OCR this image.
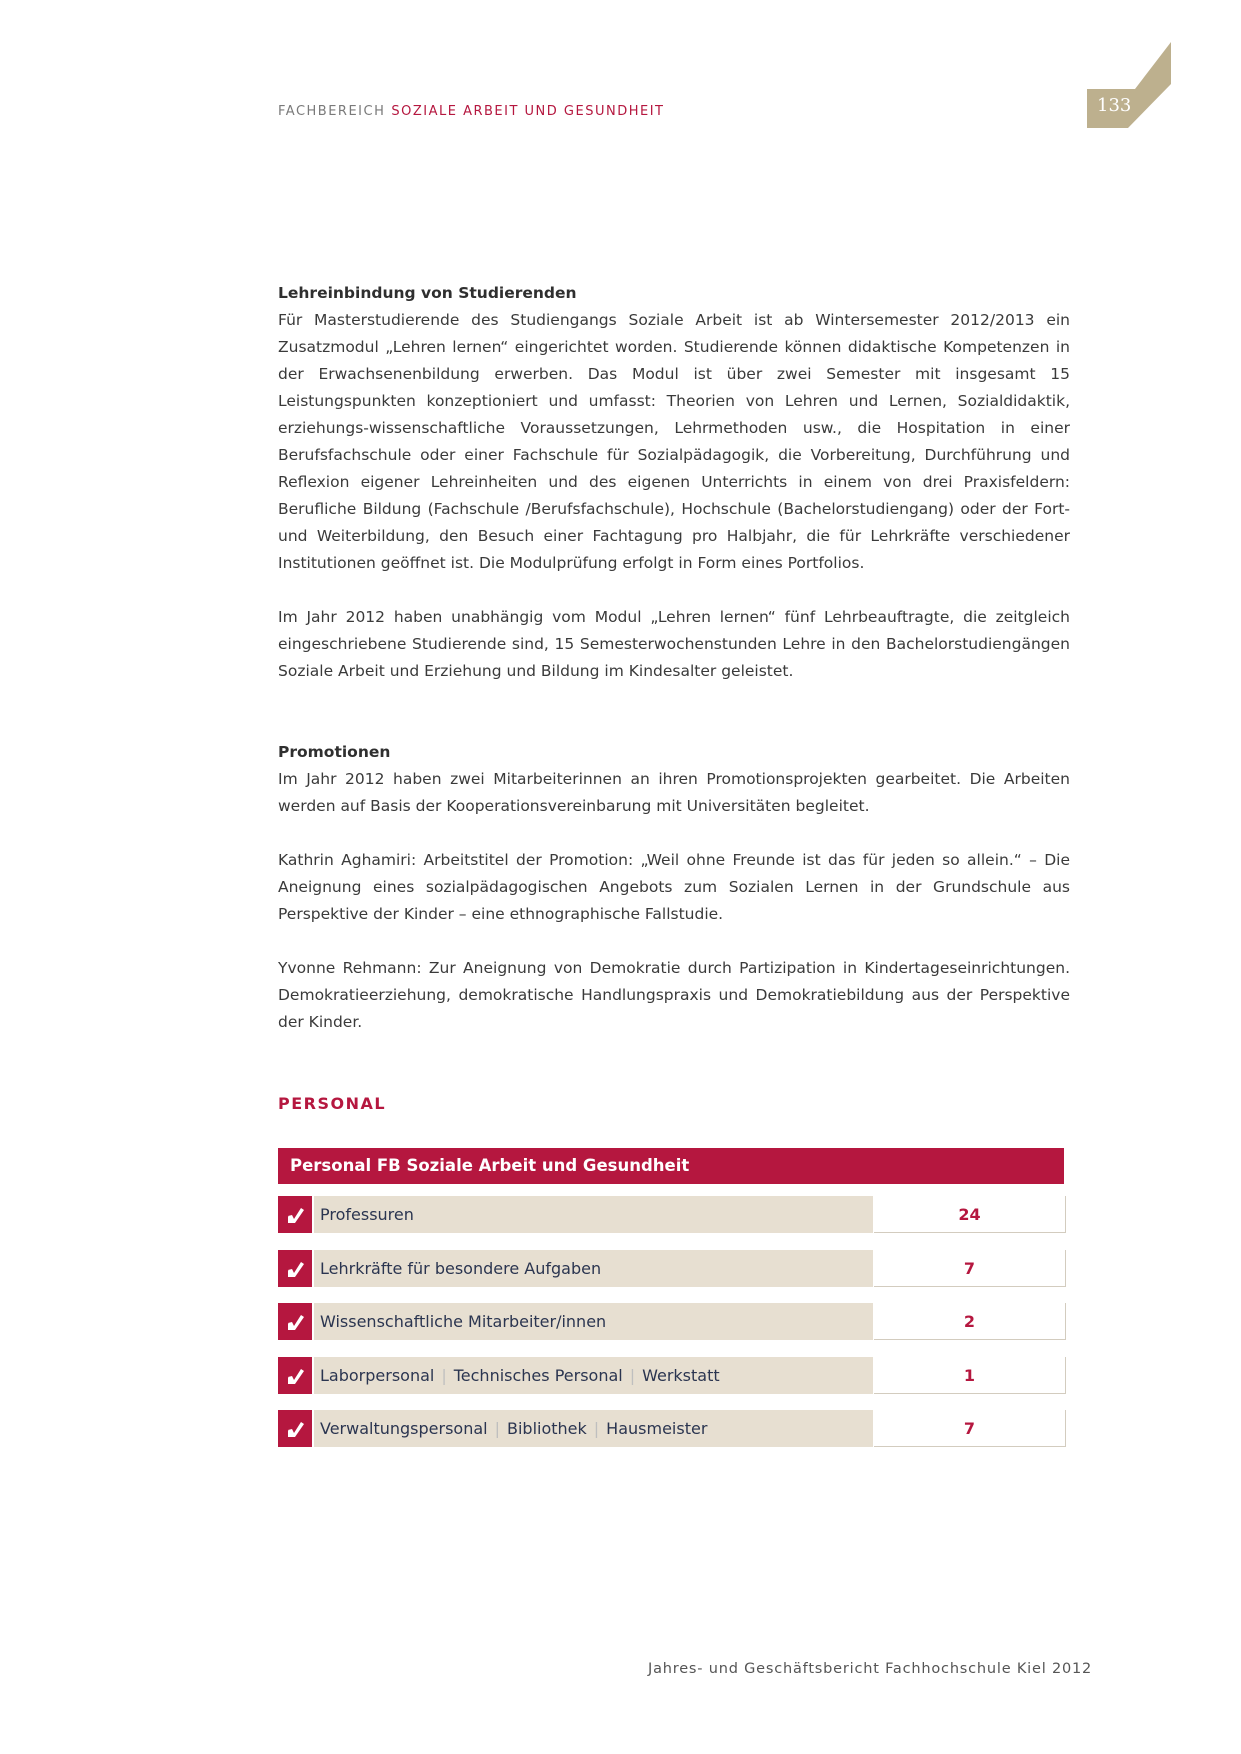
FACHBEREICH SOZIALE ARBEIT UND GESUNDHEIT	133
Lehreinbindung von Studierenden

Für Masterstudierende des Studiengangs Soziale Arbeit ist ab Wintersemester 2012/2013 ein Zusatzmodul „Lehren lernen“ eingerichtet worden. Studierende können didaktische Kompetenzen in der Erwachsenenbildung erwerben. Das Modul ist über zwei Semester mit insgesamt 15 Leistungspunkten konzeptioniert und umfasst: Theorien von Lehren und Lernen, Sozialdidaktik, erziehungs-wissenschaftliche Voraussetzungen, Lehrmethoden usw., die Hospitation in einer Berufsfachschule oder einer Fachschule für Sozialpädagogik, die Vorbereitung, Durchführung und Reflexion eigener Lehreinheiten und des eigenen Unterrichts in einem von drei Praxisfeldern: Berufliche Bildung (Fachschule /Berufsfachschule), Hochschule (Bachelorstudiengang) oder der Fort- und Weiterbildung, den Besuch einer Fachtagung pro Halbjahr, die für Lehrkräfte verschiedener Institutionen geöffnet ist. Die Modulprüfung erfolgt in Form eines Portfolios.

Im Jahr 2012 haben unabhängig vom Modul „Lehren lernen“ fünf Lehrbeauftragte, die zeitgleich eingeschriebene Studierende sind, 15 Semesterwochenstunden Lehre in den Bachelorstudiengängen Soziale Arbeit und Erziehung und Bildung im Kindesalter geleistet.

Promotionen

Im Jahr 2012 haben zwei Mitarbeiterinnen an ihren Promotionsprojekten gearbeitet. Die Arbeiten werden auf Basis der Kooperationsvereinbarung mit Universitäten begleitet.

Kathrin Aghamiri: Arbeitstitel der Promotion: „Weil ohne Freunde ist das für jeden so allein.“ – Die Aneignung eines sozialpädagogischen Angebots zum Sozialen Lernen in der Grundschule aus Perspektive der Kinder – eine ethnographische Fallstudie.

Yvonne Rehmann: Zur Aneignung von Demokratie durch Partizipation in Kindertageseinrichtungen. Demokratieerziehung, demokratische Handlungspraxis und Demokratiebildung aus der Perspektive der Kinder.

PERSONAL
Personal FB Soziale Arbeit und Gesundheit
Professuren	24
Lehrkräfte für besondere Aufgaben	7
Wissenschaftliche Mitarbeiter/innen	2
Laborpersonal | Technisches Personal | Werkstatt	1
Verwaltungspersonal | Bibliothek | Hausmeister	7
Jahres- und Geschäftsbericht Fachhochschule Kiel 2012
